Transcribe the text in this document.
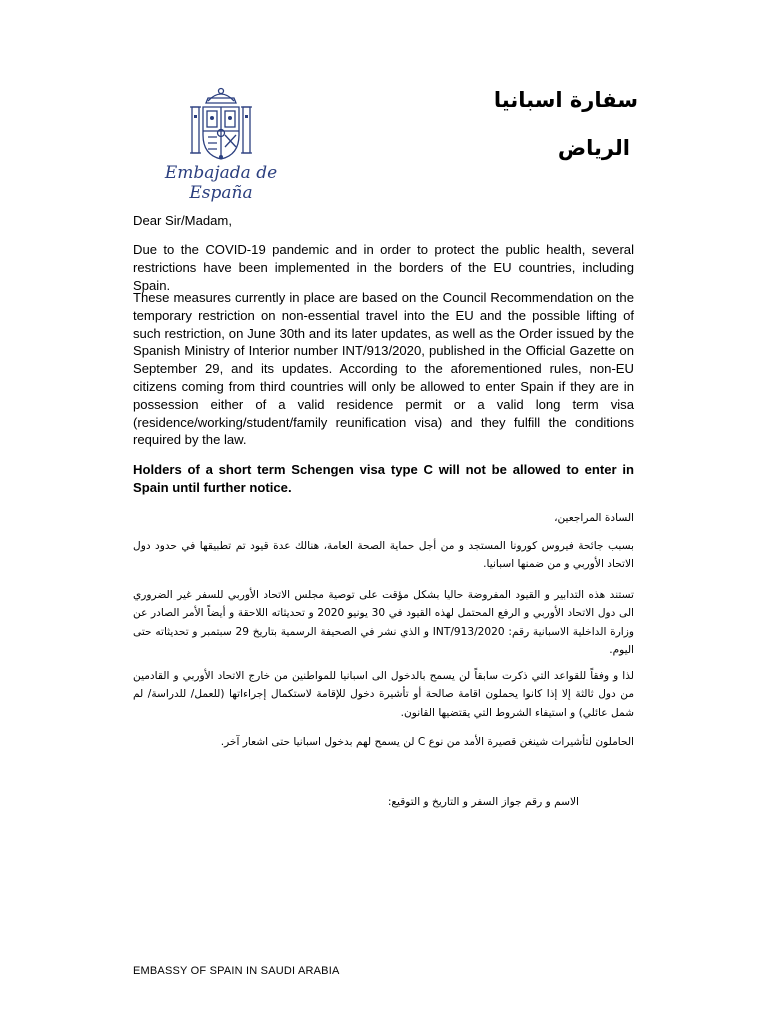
Embajada de España
سفارة اسبانيا
الرياض

Dear Sir/Madam,

Due to the COVID-19 pandemic and in order to protect the public health, several restrictions have been implemented in the borders of the EU countries, including Spain.

These measures currently in place are based on the Council Recommendation on the temporary restriction on non-essential travel into the EU and the possible lifting of such restriction, on June 30th and its later updates, as well as the Order issued by the Spanish Ministry of Interior number INT/913/2020, published in the Official Gazette on September 29, and its updates. According to the aforementioned rules, non-EU citizens coming from third countries will only be allowed to enter Spain if they are in possession either of a valid residence permit or a valid long term visa (residence/working/student/family reunification visa) and they fulfill the conditions required by the law.

Holders of a short term Schengen visa type C will not be allowed to enter in Spain until further notice.

السادة المراجعين،

بسبب جائحة فيروس كورونا المستجد و من أجل حماية الصحة العامة، هنالك عدة قيود تم تطبيقها في حدود دول الاتحاد الأوربي و من ضمنها اسبانيا.

تستند هذه التدابير و القيود المفروضة حاليا بشكل مؤقت على توصية مجلس الاتحاد الأوربي للسفر غير الضروري الى دول الاتحاد الأوربي و الرفع المحتمل لهذه القيود في 30 يونيو 2020 و تحديثاته اللاحقة و أيضاً الأمر الصادر عن وزارة الداخلية الاسبانية رقم: INT/913/2020 و الذي نشر في الصحيفة الرسمية بتاريخ 29 سبتمبر و تحديثاته حتى اليوم.

لذا و وفقاً للقواعد التي ذكرت سابقاً لن يسمح بالدخول الى اسبانيا للمواطنين من خارج الاتحاد الأوربي و القادمين من دول ثالثة إلا إذا كانوا يحملون اقامة صالحة أو تأشيرة دخول للإقامة لاستكمال إجراءاتها (للعمل/ للدراسة/ لم شمل عائلي) و استيفاء الشروط التي يقتضيها القانون.

الحاملون لتأشيرات شينغن قصيرة الأمد من نوع C لن يسمح لهم بدخول اسبانيا حتى اشعار آخر.

الاسم و رقم جواز السفر و التاريخ و التوقيع:

EMBASSY OF SPAIN IN SAUDI ARABIA
